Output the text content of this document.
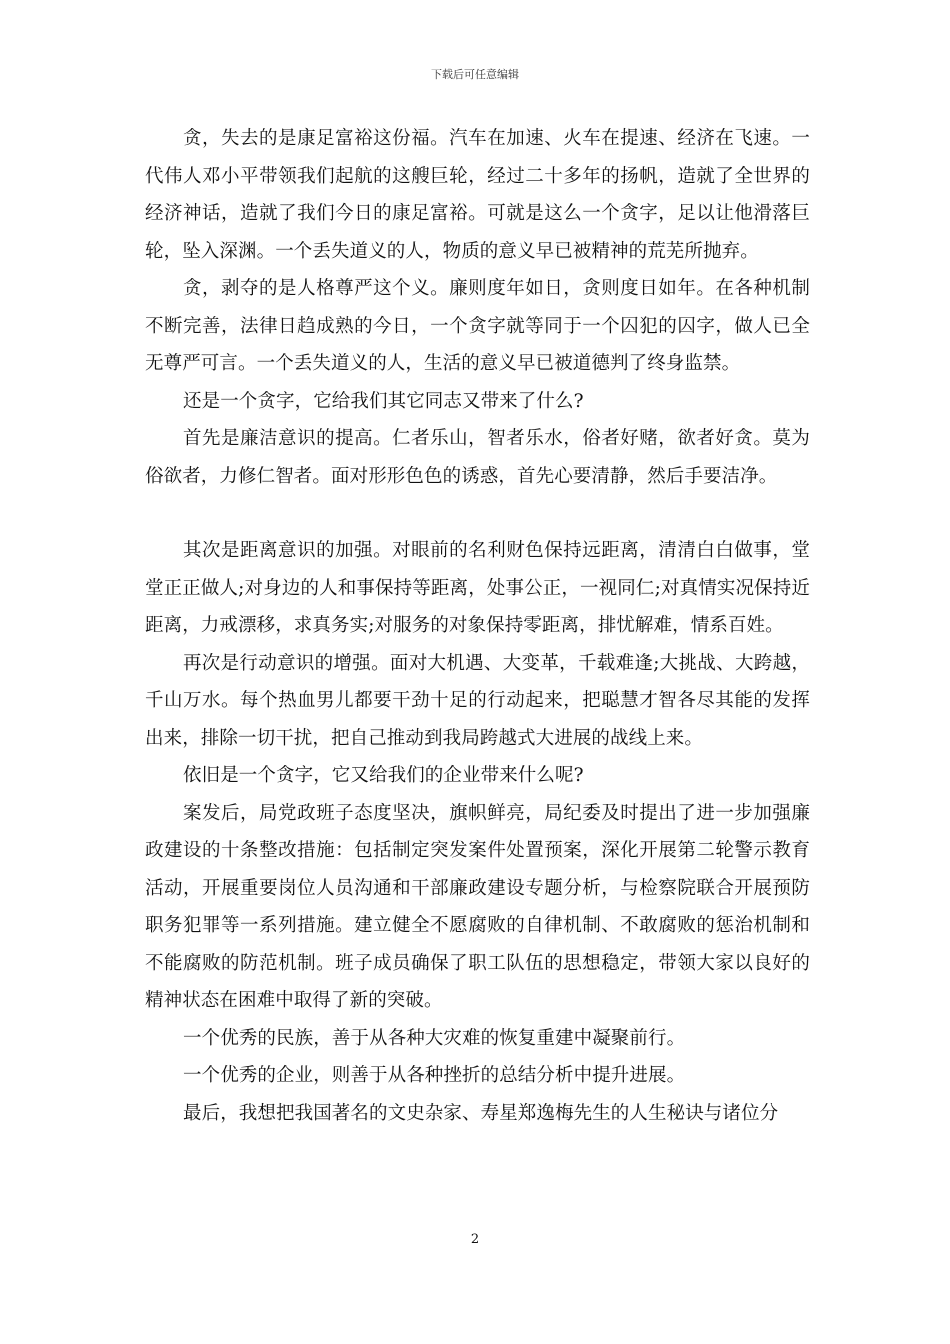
下载后可任意编辑

贪，失去的是康足富裕这份福。汽车在加速、火车在提速、经济在飞速。一代伟人邓小平带领我们起航的这艘巨轮，经过二十多年的扬帆，造就了全世界的经济神话，造就了我们今日的康足富裕。可就是这么一个贪字，足以让他滑落巨轮，坠入深渊。一个丢失道义的人，物质的意义早已被精神的荒芜所抛弃。

贪，剥夺的是人格尊严这个义。廉则度年如日，贪则度日如年。在各种机制不断完善，法律日趋成熟的今日，一个贪字就等同于一个囚犯的囚字，做人已全无尊严可言。一个丢失道义的人，生活的意义早已被道德判了终身监禁。

还是一个贪字，它给我们其它同志又带来了什么?

首先是廉洁意识的提高。仁者乐山，智者乐水，俗者好赌，欲者好贪。莫为俗欲者，力修仁智者。面对形形色色的诱惑，首先心要清静，然后手要洁净。

其次是距离意识的加强。对眼前的名利财色保持远距离，清清白白做事，堂堂正正做人;对身边的人和事保持等距离，处事公正，一视同仁;对真情实况保持近距离，力戒漂移，求真务实;对服务的对象保持零距离，排忧解难，情系百姓。

再次是行动意识的增强。面对大机遇、大变革，千载难逢;大挑战、大跨越，千山万水。每个热血男儿都要干劲十足的行动起来，把聪慧才智各尽其能的发挥出来，排除一切干扰，把自己推动到我局跨越式大进展的战线上来。

依旧是一个贪字，它又给我们的企业带来什么呢?

案发后，局党政班子态度坚决，旗帜鲜亮，局纪委及时提出了进一步加强廉政建设的十条整改措施：包括制定突发案件处置预案，深化开展第二轮警示教育活动，开展重要岗位人员沟通和干部廉政建设专题分析，与检察院联合开展预防职务犯罪等一系列措施。建立健全不愿腐败的自律机制、不敢腐败的惩治机制和不能腐败的防范机制。班子成员确保了职工队伍的思想稳定，带领大家以良好的精神状态在困难中取得了新的突破。

一个优秀的民族，善于从各种大灾难的恢复重建中凝聚前行。

一个优秀的企业，则善于从各种挫折的总结分析中提升进展。

最后，我想把我国著名的文史杂家、寿星郑逸梅先生的人生秘诀与诸位分

2
